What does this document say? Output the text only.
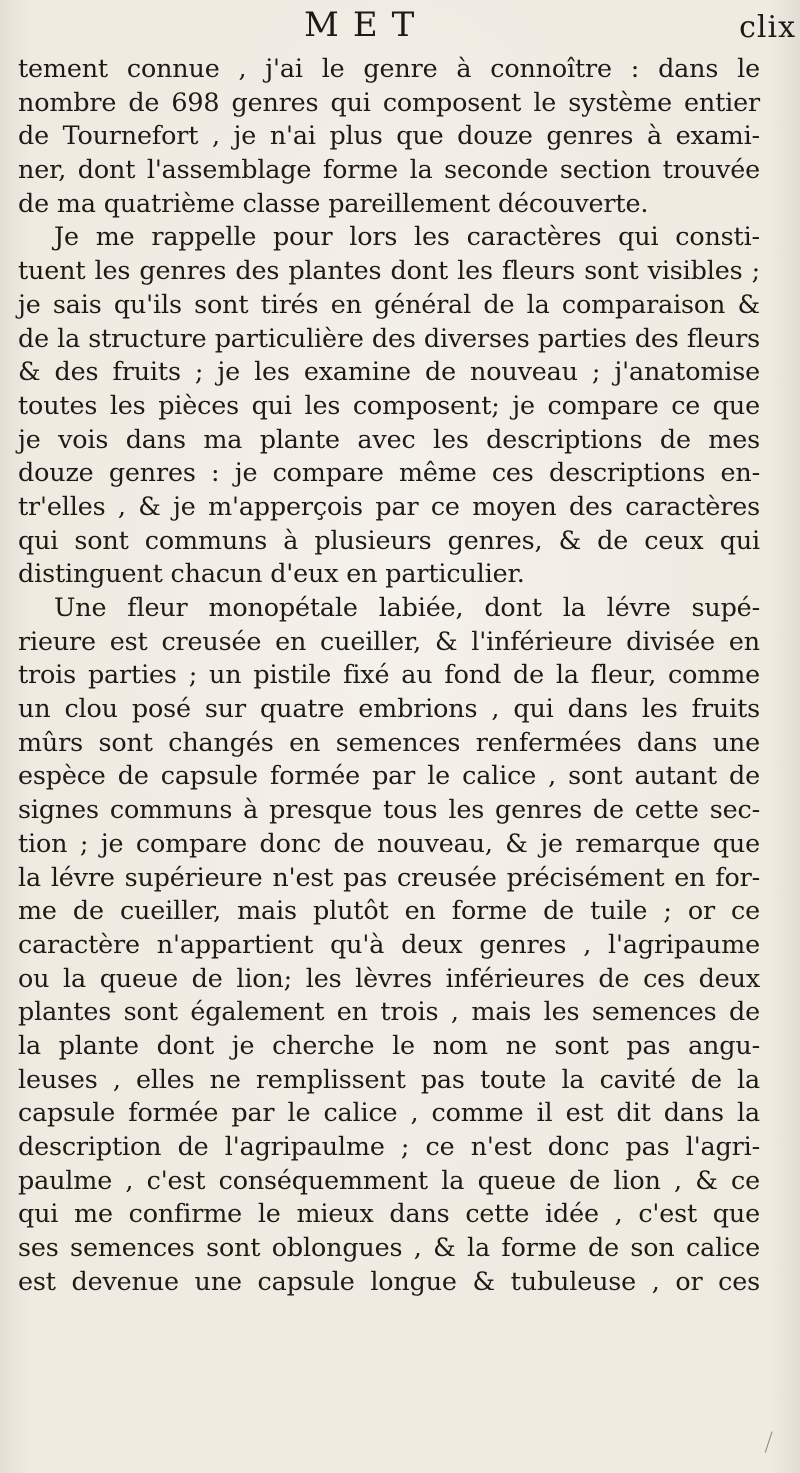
MET	clix
tement connue , j'ai le genre à connoître : dans le
nombre de 698 genres qui composent le système entier
de Tournefort , je n'ai plus que douze genres à exami-
ner, dont l'assemblage forme la seconde section trouvée
de ma quatrième classe pareillement découverte.
Je me rappelle pour lors les caractères qui consti-
tuent les genres des plantes dont les fleurs sont visibles ;
je sais qu'ils sont tirés en général de la comparaison &
de la structure particulière des diverses parties des fleurs
& des fruits ; je les examine de nouveau ; j'anatomise
toutes les pièces qui les composent; je compare ce que
je vois dans ma plante avec les descriptions de mes
douze genres : je compare même ces descriptions en-
tr'elles , & je m'apperçois par ce moyen des caractères
qui sont communs à plusieurs genres, & de ceux qui
distinguent chacun d'eux en particulier.
Une fleur monopétale labiée, dont la lévre supé-
rieure est creusée en cueiller, & l'inférieure divisée en
trois parties ; un pistile fixé au fond de la fleur, comme
un clou posé sur quatre embrions , qui dans les fruits
mûrs sont changés en semences renfermées dans une
espèce de capsule formée par le calice , sont autant de
signes communs à presque tous les genres de cette sec-
tion ; je compare donc de nouveau, & je remarque que
la lévre supérieure n'est pas creusée précisément en for-
me de cueiller, mais plutôt en forme de tuile ; or ce
caractère n'appartient qu'à deux genres , l'agripaume
ou la queue de lion; les lèvres inférieures de ces deux
plantes sont également en trois , mais les semences de
la plante dont je cherche le nom ne sont pas angu-
leuses , elles ne remplissent pas toute la cavité de la
capsule formée par le calice , comme il est dit dans la
description de l'agripaulme ; ce n'est donc pas l'agri-
paulme , c'est conséquemment la queue de lion , & ce
qui me confirme le mieux dans cette idée , c'est que
ses semences sont oblongues , & la forme de son calice
est devenue une capsule longue & tubuleuse , or ces
